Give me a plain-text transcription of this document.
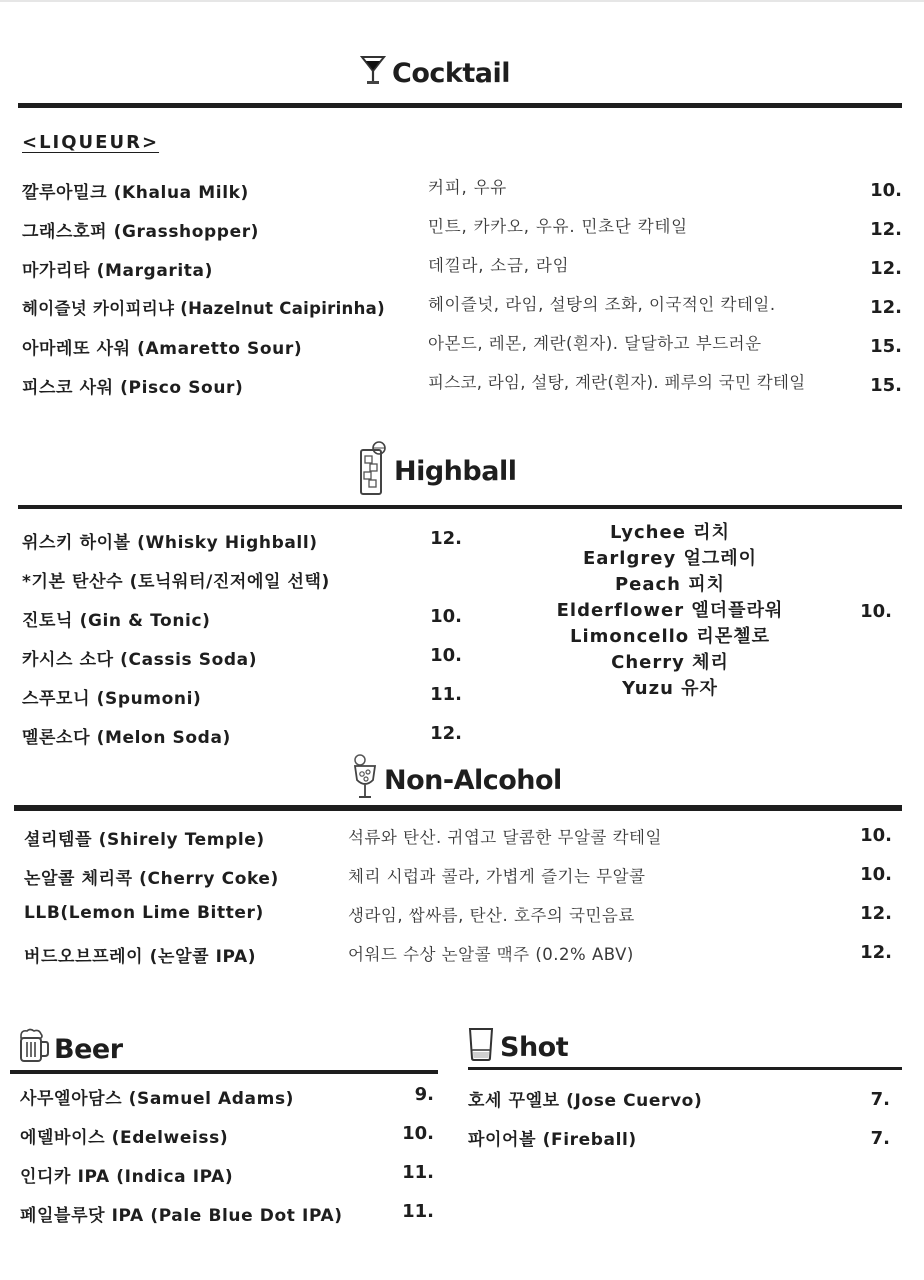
Cocktail
<LIQUEUR>
깔루아밀크 (Khalua Milk)	커피, 우유	10.
그래스호퍼 (Grasshopper)	민트, 카카오, 우유. 민초단 칵테일	12.
마가리타 (Margarita)	데낄라, 소금, 라임	12.
헤이즐넛 카이피리냐 (Hazelnut Caipirinha)	헤이즐넛, 라임, 설탕의 조화, 이국적인 칵테일.	12.
아마레또 사워 (Amaretto Sour)	아몬드, 레몬, 계란(흰자). 달달하고 부드러운	15.
피스코 사워 (Pisco Sour)	피스코, 라임, 설탕, 계란(흰자). 페루의 국민 칵테일	15.
Highball
위스키 하이볼 (Whisky Highball)	12.
*기본 탄산수 (토닉워터/진저에일 선택)
진토닉 (Gin & Tonic)	10.
카시스 소다 (Cassis Soda)	10.
스푸모니 (Spumoni)	11.
멜론소다 (Melon Soda)	12.
Lychee 리치
Earlgrey 얼그레이
Peach 피치
Elderflower 엘더플라워
Limoncello 리몬첼로
Cherry 체리
Yuzu 유자
10.
Non-Alcohol
셜리템플 (Shirely Temple)	석류와 탄산. 귀엽고 달콤한 무알콜 칵테일	10.
논알콜 체리콕 (Cherry Coke)	체리 시럽과 콜라, 가볍게 즐기는 무알콜	10.
LLB(Lemon Lime Bitter)	생라임, 쌉싸름, 탄산. 호주의 국민음료	12.
버드오브프레이 (논알콜 IPA)	어워드 수상 논알콜 맥주 (0.2% ABV)	12.
Beer
사무엘아담스 (Samuel Adams)	9.
에델바이스 (Edelweiss)	10.
인디카 IPA (Indica IPA)	11.
페일블루닷 IPA (Pale Blue Dot IPA)	11.
Shot
호세 꾸엘보 (Jose Cuervo)	7.
파이어볼 (Fireball)	7.
